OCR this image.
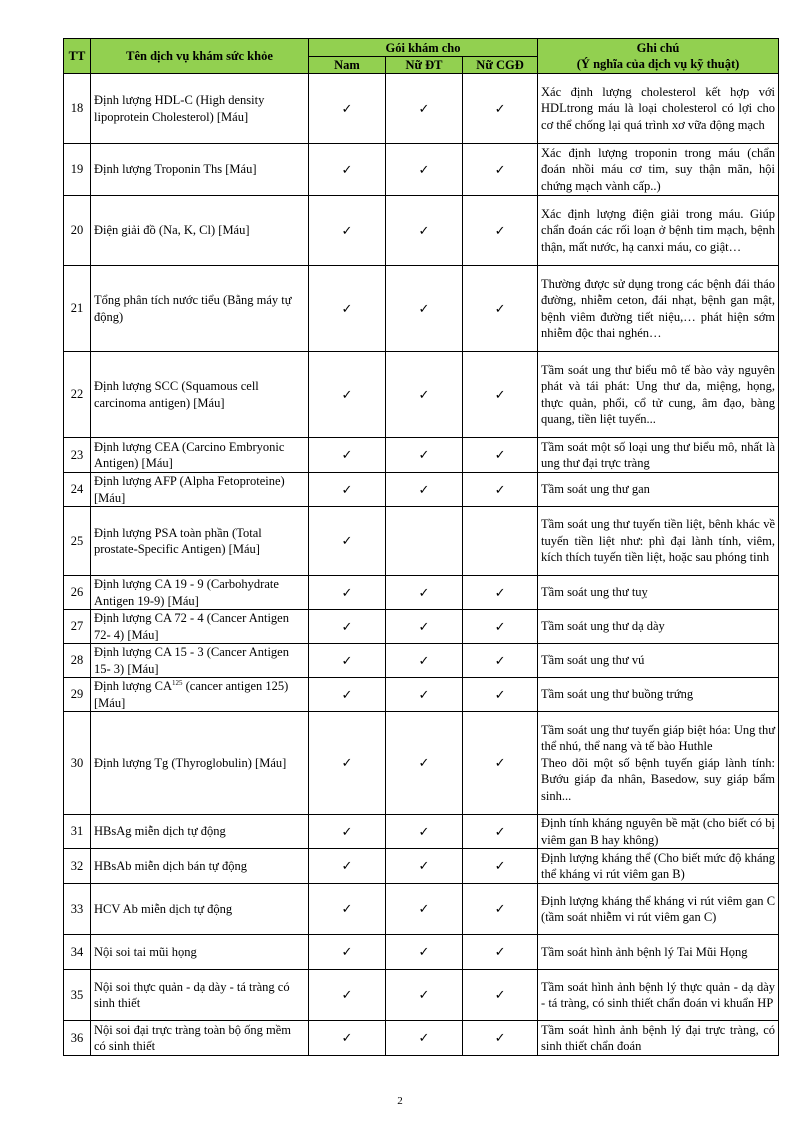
TT	Tên dịch vụ khám sức khỏe	Gói khám cho			Ghi chú
(Ý nghĩa của dịch vụ kỹ thuật)

		Nam	Nữ ĐT	Nữ CGĐ	
18	Định lượng HDL-C (High density lipoprotein Cholesterol) [Máu]	✓	✓	✓	Xác định lượng cholesterol kết hợp với HDLtrong máu là loại cholesterol có lợi cho cơ thể chống lại quá trình xơ vữa động mạch
19	Định lượng Troponin Ths [Máu]	✓	✓	✓	Xác định lượng troponin trong máu (chẩn đoán nhồi máu cơ tim, suy thận mãn, hội chứng mạch vành cấp..)
20	Điện giải đồ (Na, K, Cl) [Máu]	✓	✓	✓	Xác định lượng điện giải trong máu. Giúp chẩn đoán các rối loạn ở bệnh tim mạch, bệnh thận, mất nước, hạ canxi máu, co giật…
21	Tổng phân tích nước tiểu (Bằng máy tự động)	✓	✓	✓	Thường được sử dụng trong các bệnh đái tháo đường, nhiễm ceton, đái nhạt, bệnh gan mật, bệnh viêm đường tiết niệu,… phát hiện sớm nhiễm độc thai nghén…
22	Định lượng SCC (Squamous cell carcinoma antigen) [Máu]	✓	✓	✓	Tầm soát ung thư biểu mô tế bào vảy nguyên phát và tái phát: Ung thư da, miệng, họng, thực quản, phổi, cổ tử cung, âm đạo, bàng quang, tiền liệt tuyến...
23	Định lượng CEA (Carcino Embryonic Antigen) [Máu]	✓	✓	✓	Tầm soát một số loại ung thư biểu mô, nhất là ung thư đại trực tràng
24	Định lượng AFP (Alpha Fetoproteine) [Máu]	✓	✓	✓	Tầm soát ung thư gan
25	Định lượng PSA toàn phần (Total prostate-Specific Antigen) [Máu]	✓			Tầm soát ung thư tuyến tiền liệt, bênh khác về tuyến tiền liệt như: phì đại lành tính, viêm, kích thích tuyến tiền liệt, hoặc sau phóng tinh
26	Định lượng CA 19 - 9 (Carbohydrate Antigen 19-9) [Máu]	✓	✓	✓	Tầm soát ung thư tuỵ
27	Định lượng CA 72 - 4 (Cancer Antigen 72- 4) [Máu]	✓	✓	✓	Tầm soát ung thư dạ dày
28	Định lượng CA 15 - 3 (Cancer Antigen 15- 3) [Máu]	✓	✓	✓	Tầm soát ung thư vú
29	Định lượng CA$^{125}$ (cancer antigen 125) [Máu]	✓	✓	✓	Tầm soát ung thư buồng trứng
30	Định lượng Tg (Thyroglobulin) [Máu]	✓	✓	✓	Tầm soát ung thư tuyến giáp biệt hóa: Ung thư thể nhú, thể nang và tế bào Huthle
Theo dõi một số bệnh tuyến giáp lành tính: Bướu giáp đa nhân, Basedow, suy giáp bẩm sinh...

31	HBsAg miễn dịch tự động	✓	✓	✓	Định tính kháng nguyên bề mặt (cho biết có bị viêm gan B hay không)
32	HBsAb miễn dịch bán tự động	✓	✓	✓	Định lượng kháng thể (Cho biết mức độ kháng thể kháng vi rút viêm gan B)
33	HCV Ab miễn dịch tự động	✓	✓	✓	Định lượng kháng thể kháng vi rút viêm gan C (tầm soát nhiễm vi rút viêm gan C)
34	Nội soi tai mũi họng	✓	✓	✓	Tầm soát hình ảnh bệnh lý Tai Mũi Họng
35	Nội soi thực quản - dạ dày - tá tràng có sinh thiết	✓	✓	✓	Tầm soát hình ảnh bệnh lý thực quản - dạ dày - tá tràng, có sinh thiết chẩn đoán vi khuẩn HP
36	Nội soi đại trực tràng toàn bộ ống mềm có sinh thiết	✓	✓	✓	Tầm soát hình ảnh bệnh lý đại trực tràng, có sinh thiết chẩn đoán
2
